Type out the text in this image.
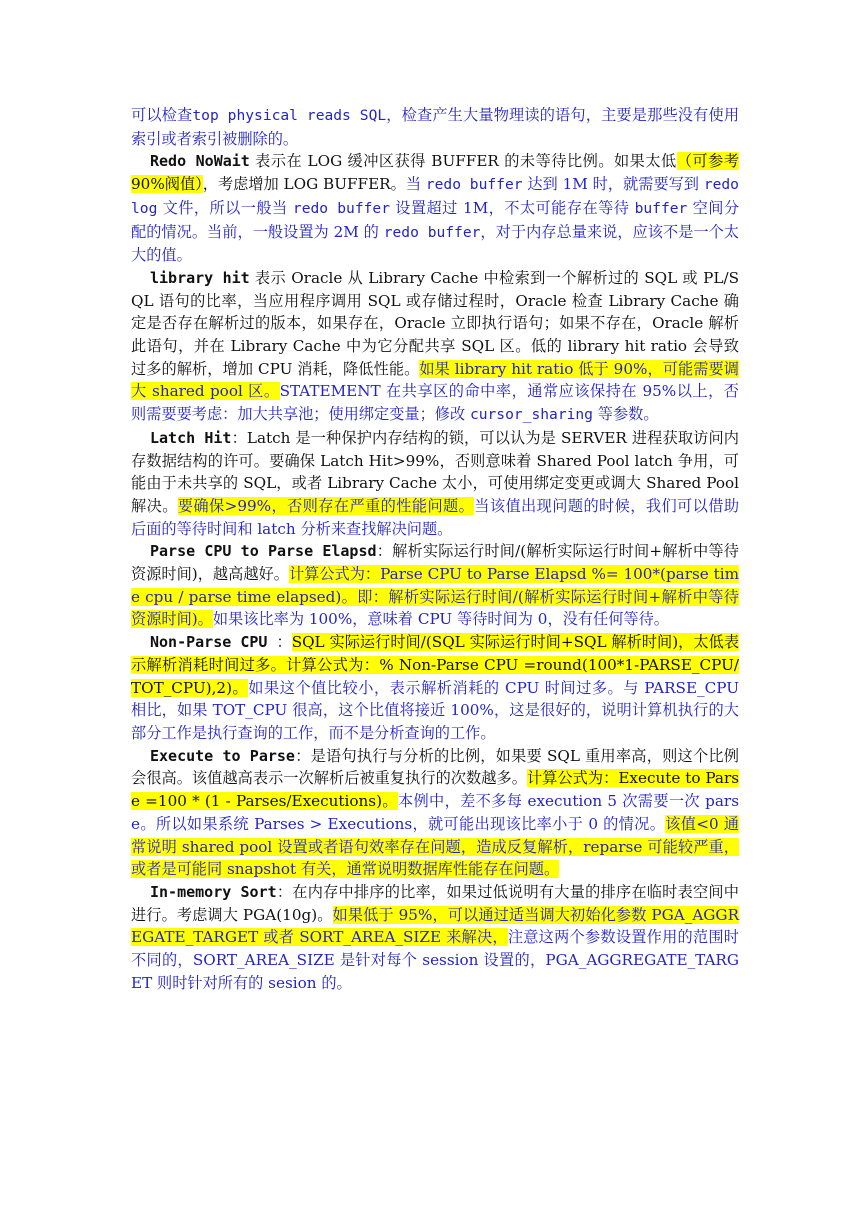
可以检查top physical reads SQL，检查产生大量物理读的语句，主要是那些没有使用索引或者索引被删除的。

Redo NoWait 表示在 LOG 缓冲区获得 BUFFER 的未等待比例。如果太低（可参考 90%阀值），考虑增加 LOG BUFFER。当 redo buffer 达到 1M 时，就需要写到 redo log 文件，所以一般当 redo buffer 设置超过 1M，不太可能存在等待 buffer 空间分配的情况。当前，一般设置为 2M 的 redo buffer，对于内存总量来说，应该不是一个太大的值。

library hit 表示 Oracle 从 Library Cache 中检索到一个解析过的 SQL 或 PL/SQL 语句的比率，当应用程序调用 SQL 或存储过程时，Oracle 检查 Library Cache 确定是否存在解析过的版本，如果存在，Oracle 立即执行语句；如果不存在，Oracle 解析此语句，并在 Library Cache 中为它分配共享 SQL 区。低的 library hit ratio 会导致过多的解析，增加 CPU 消耗，降低性能。如果 library hit ratio 低于 90%，可能需要调大 shared pool 区。STATEMENT 在共享区的命中率，通常应该保持在 95%以上，否则需要要考虑：加大共享池；使用绑定变量；修改 cursor_sharing 等参数。

Latch Hit：Latch 是一种保护内存结构的锁，可以认为是 SERVER 进程获取访问内存数据结构的许可。要确保 Latch Hit>99%，否则意味着 Shared Pool latch 争用，可能由于未共享的 SQL，或者 Library Cache 太小，可使用绑定变更或调大 Shared Pool 解决。要确保>99%，否则存在严重的性能问题。当该值出现问题的时候，我们可以借助后面的等待时间和 latch 分析来查找解决问题。

Parse CPU to Parse Elapsd：解析实际运行时间/(解析实际运行时间+解析中等待资源时间)，越高越好。计算公式为：Parse CPU to Parse Elapsd %= 100*(parse time cpu / parse time elapsed)。即：解析实际运行时间/(解析实际运行时间+解析中等待资源时间)。如果该比率为 100%，意味着 CPU 等待时间为 0，没有任何等待。

Non-Parse CPU ：SQL 实际运行时间/(SQL 实际运行时间+SQL 解析时间)，太低表示解析消耗时间过多。计算公式为：% Non-Parse CPU =round(100*1-PARSE_CPU/TOT_CPU),2)。如果这个值比较小，表示解析消耗的 CPU 时间过多。与 PARSE_CPU 相比，如果 TOT_CPU 很高，这个比值将接近 100%，这是很好的，说明计算机执行的大部分工作是执行查询的工作，而不是分析查询的工作。

Execute to Parse：是语句执行与分析的比例，如果要 SQL 重用率高，则这个比例会很高。该值越高表示一次解析后被重复执行的次数越多。计算公式为：Execute to Parse =100 * (1 - Parses/Executions)。本例中，差不多每 execution 5 次需要一次 parse。所以如果系统 Parses > Executions，就可能出现该比率小于 0 的情况。该值<0 通常说明 shared pool 设置或者语句效率存在问题，造成反复解析，reparse 可能较严重，或者是可能同 snapshot 有关，通常说明数据库性能存在问题。

In-memory Sort：在内存中排序的比率，如果过低说明有大量的排序在临时表空间中进行。考虑调大 PGA(10g)。如果低于 95%，可以通过适当调大初始化参数 PGA_AGGREGATE_TARGET 或者 SORT_AREA_SIZE 来解决，注意这两个参数设置作用的范围时不同的，SORT_AREA_SIZE 是针对每个 session 设置的，PGA_AGGREGATE_TARGET 则时针对所有的 sesion 的。
